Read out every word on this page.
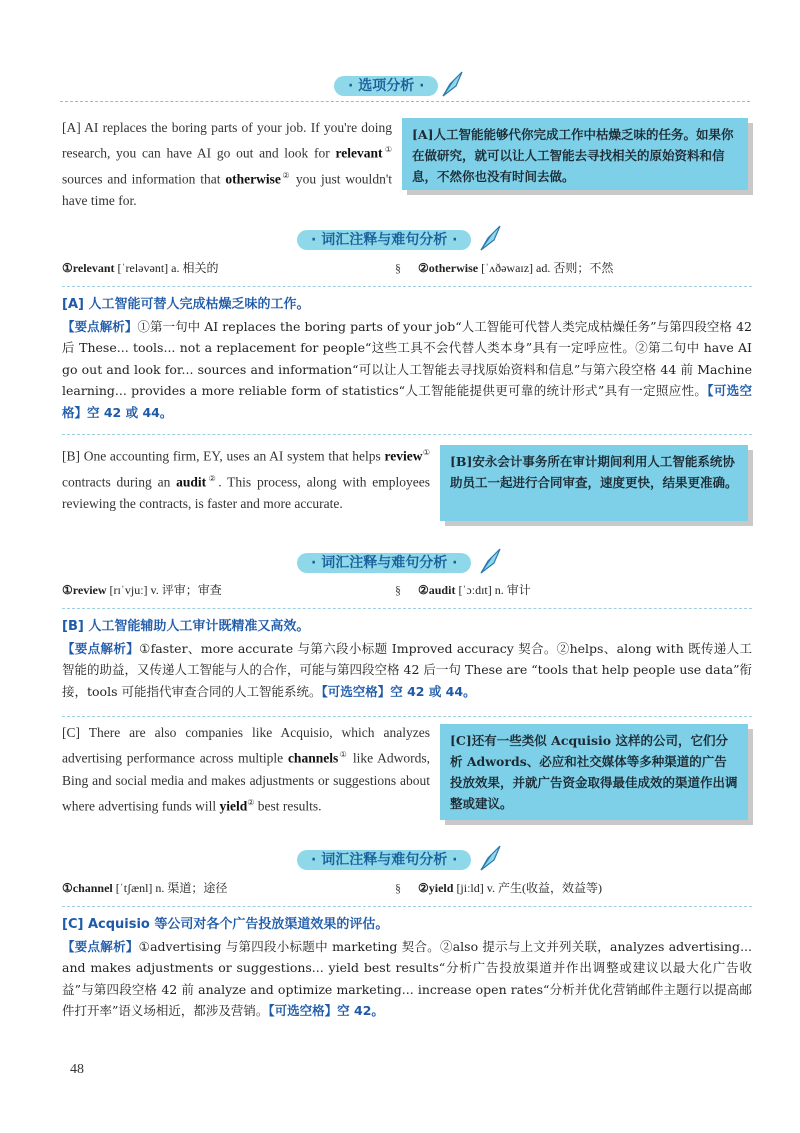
· 选项分析 ·

[A] AI replaces the boring parts of your job. If you're doing research, you can have AI go out and look for relevant① sources and information that otherwise② you just wouldn't have time for.

[A]人工智能能够代你完成工作中枯燥乏味的任务。如果你在做研究，就可以让人工智能去寻找相关的原始资料和信息，不然你也没有时间去做。
· 词汇注释与难句分析 ·
①relevant [ˈreləvənt] a. 相关的	§ ②otherwise [ˈʌðəwaɪz] ad. 否则；不然
[A] 人工智能可替人完成枯燥乏味的工作。
【要点解析】①第一句中 AI replaces the boring parts of your job“人工智能可代替人类完成枯燥任务”与第四段空格 42 后 These... tools... not a replacement for people“这些工具不会代替人类本身”具有一定呼应性。②第二句中 have AI go out and look for... sources and information“可以让人工智能去寻找原始资料和信息”与第六段空格 44 前 Machine learning... provides a more reliable form of statistics“人工智能能提供更可靠的统计形式”具有一定照应性。【可选空格】空 42 或 44。

[B] One accounting firm, EY, uses an AI system that helps review① contracts during an audit②. This process, along with employees reviewing the contracts, is faster and more accurate.

[B]安永会计事务所在审计期间利用人工智能系统协助员工一起进行合同审查，速度更快，结果更准确。
· 词汇注释与难句分析 ·
①review [rɪˈvjuː] v. 评审；审查	§ ②audit [ˈɔːdɪt] n. 审计
[B] 人工智能辅助人工审计既精准又高效。
【要点解析】①faster、more accurate 与第六段小标题 Improved accuracy 契合。②helps、along with 既传递人工智能的助益，又传递人工智能与人的合作，可能与第四段空格 42 后一句 These are “tools that help people use data”衔接，tools 可能指代审查合同的人工智能系统。【可选空格】空 42 或 44。

[C] There are also companies like Acquisio, which analyzes advertising performance across multiple channels① like Adwords, Bing and social media and makes adjustments or suggestions about where advertising funds will yield② best results.

[C]还有一些类似 Acquisio 这样的公司，它们分析 Adwords、必应和社交媒体等多种渠道的广告投放效果，并就广告资金取得最佳成效的渠道作出调整或建议。
· 词汇注释与难句分析 ·
①channel [ˈtʃænl] n. 渠道；途径	§ ②yield [jiːld] v. 产生(收益，效益等)
[C] Acquisio 等公司对各个广告投放渠道效果的评估。
【要点解析】①advertising 与第四段小标题中 marketing 契合。②also 提示与上文并列关联，analyzes advertising... and makes adjustments or suggestions... yield best results“分析广告投放渠道并作出调整或建议以最大化广告收益”与第四段空格 42 前 analyze and optimize marketing... increase open rates“分析并优化营销邮件主题行以提高邮件打开率”语义场相近，都涉及营销。【可选空格】空 42。
48
